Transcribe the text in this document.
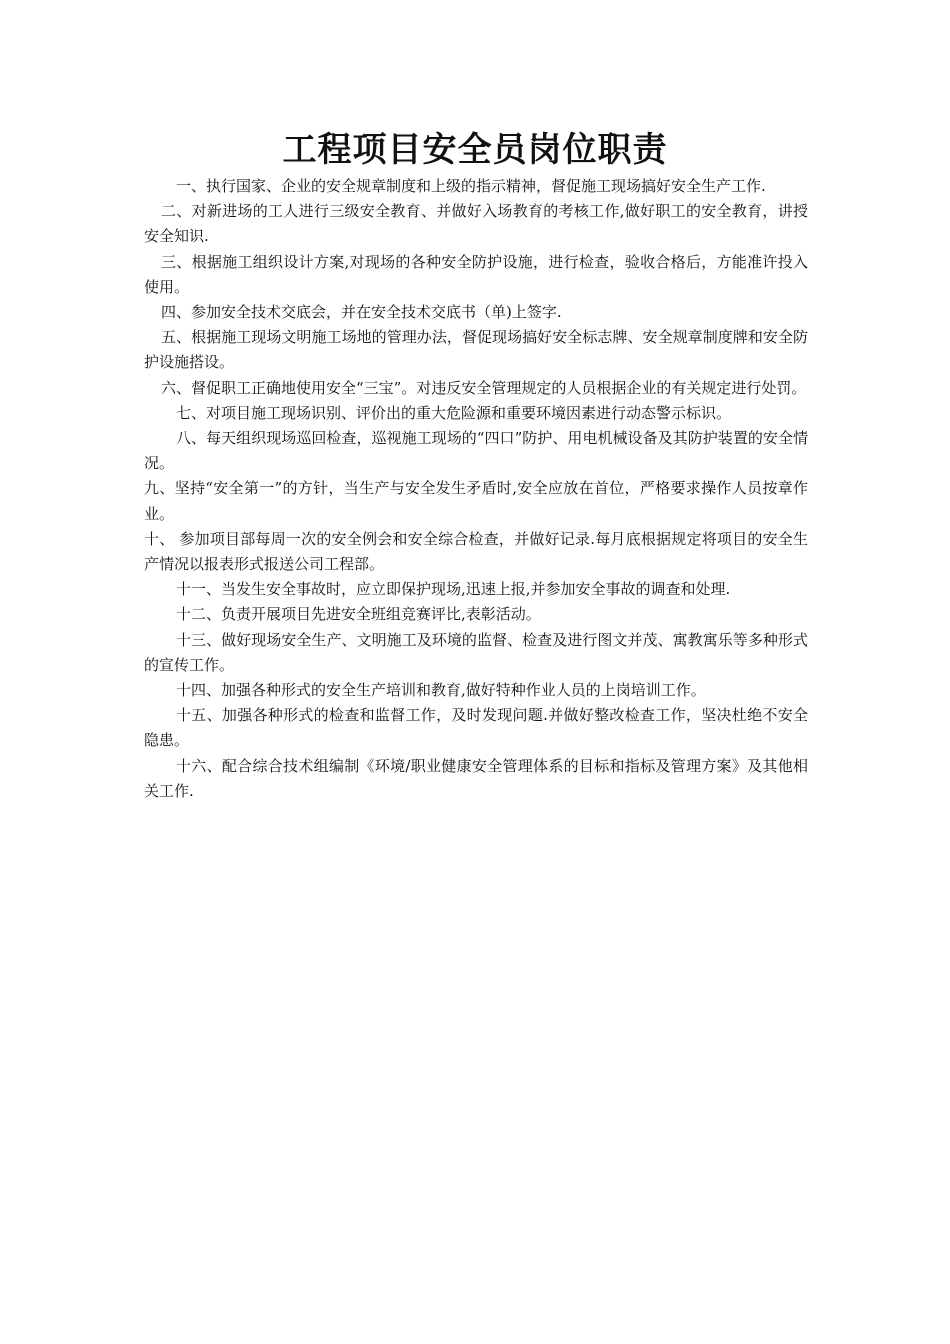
工程项目安全员岗位职责

一、执行国家、企业的安全规章制度和上级的指示精神，督促施工现场搞好安全生产工作.

二、对新进场的工人进行三级安全教育、并做好入场教育的考核工作,做好职工的安全教育，讲授安全知识.

三、根据施工组织设计方案,对现场的各种安全防护设施，进行检查，验收合格后，方能准许投入使用。

四、参加安全技术交底会，并在安全技术交底书（单)上签字.

五、根据施工现场文明施工场地的管理办法，督促现场搞好安全标志牌、安全规章制度牌和安全防护设施搭设。

六、督促职工正确地使用安全“三宝”。对违反安全管理规定的人员根据企业的有关规定进行处罚。

七、对项目施工现场识别、评价出的重大危险源和重要环境因素进行动态警示标识。

八、每天组织现场巡回检查，巡视施工现场的“四口”防护、用电机械设备及其防护装置的安全情况。

九、坚持“安全第一”的方针，当生产与安全发生矛盾时,安全应放在首位，严格要求操作人员按章作业。

十、 参加项目部每周一次的安全例会和安全综合检查，并做好记录.每月底根据规定将项目的安全生产情况以报表形式报送公司工程部。

十一、当发生安全事故时，应立即保护现场,迅速上报,并参加安全事故的调查和处理.

十二、负责开展项目先进安全班组竞赛评比,表彰活动。

十三、做好现场安全生产、文明施工及环境的监督、检查及进行图文并茂、寓教寓乐等多种形式的宣传工作。

十四、加强各种形式的安全生产培训和教育,做好特种作业人员的上岗培训工作。

十五、加强各种形式的检查和监督工作，及时发现问题.并做好整改检查工作，坚决杜绝不安全隐患。

十六、配合综合技术组编制《环境/职业健康安全管理体系的目标和指标及管理方案》及其他相关工作.
